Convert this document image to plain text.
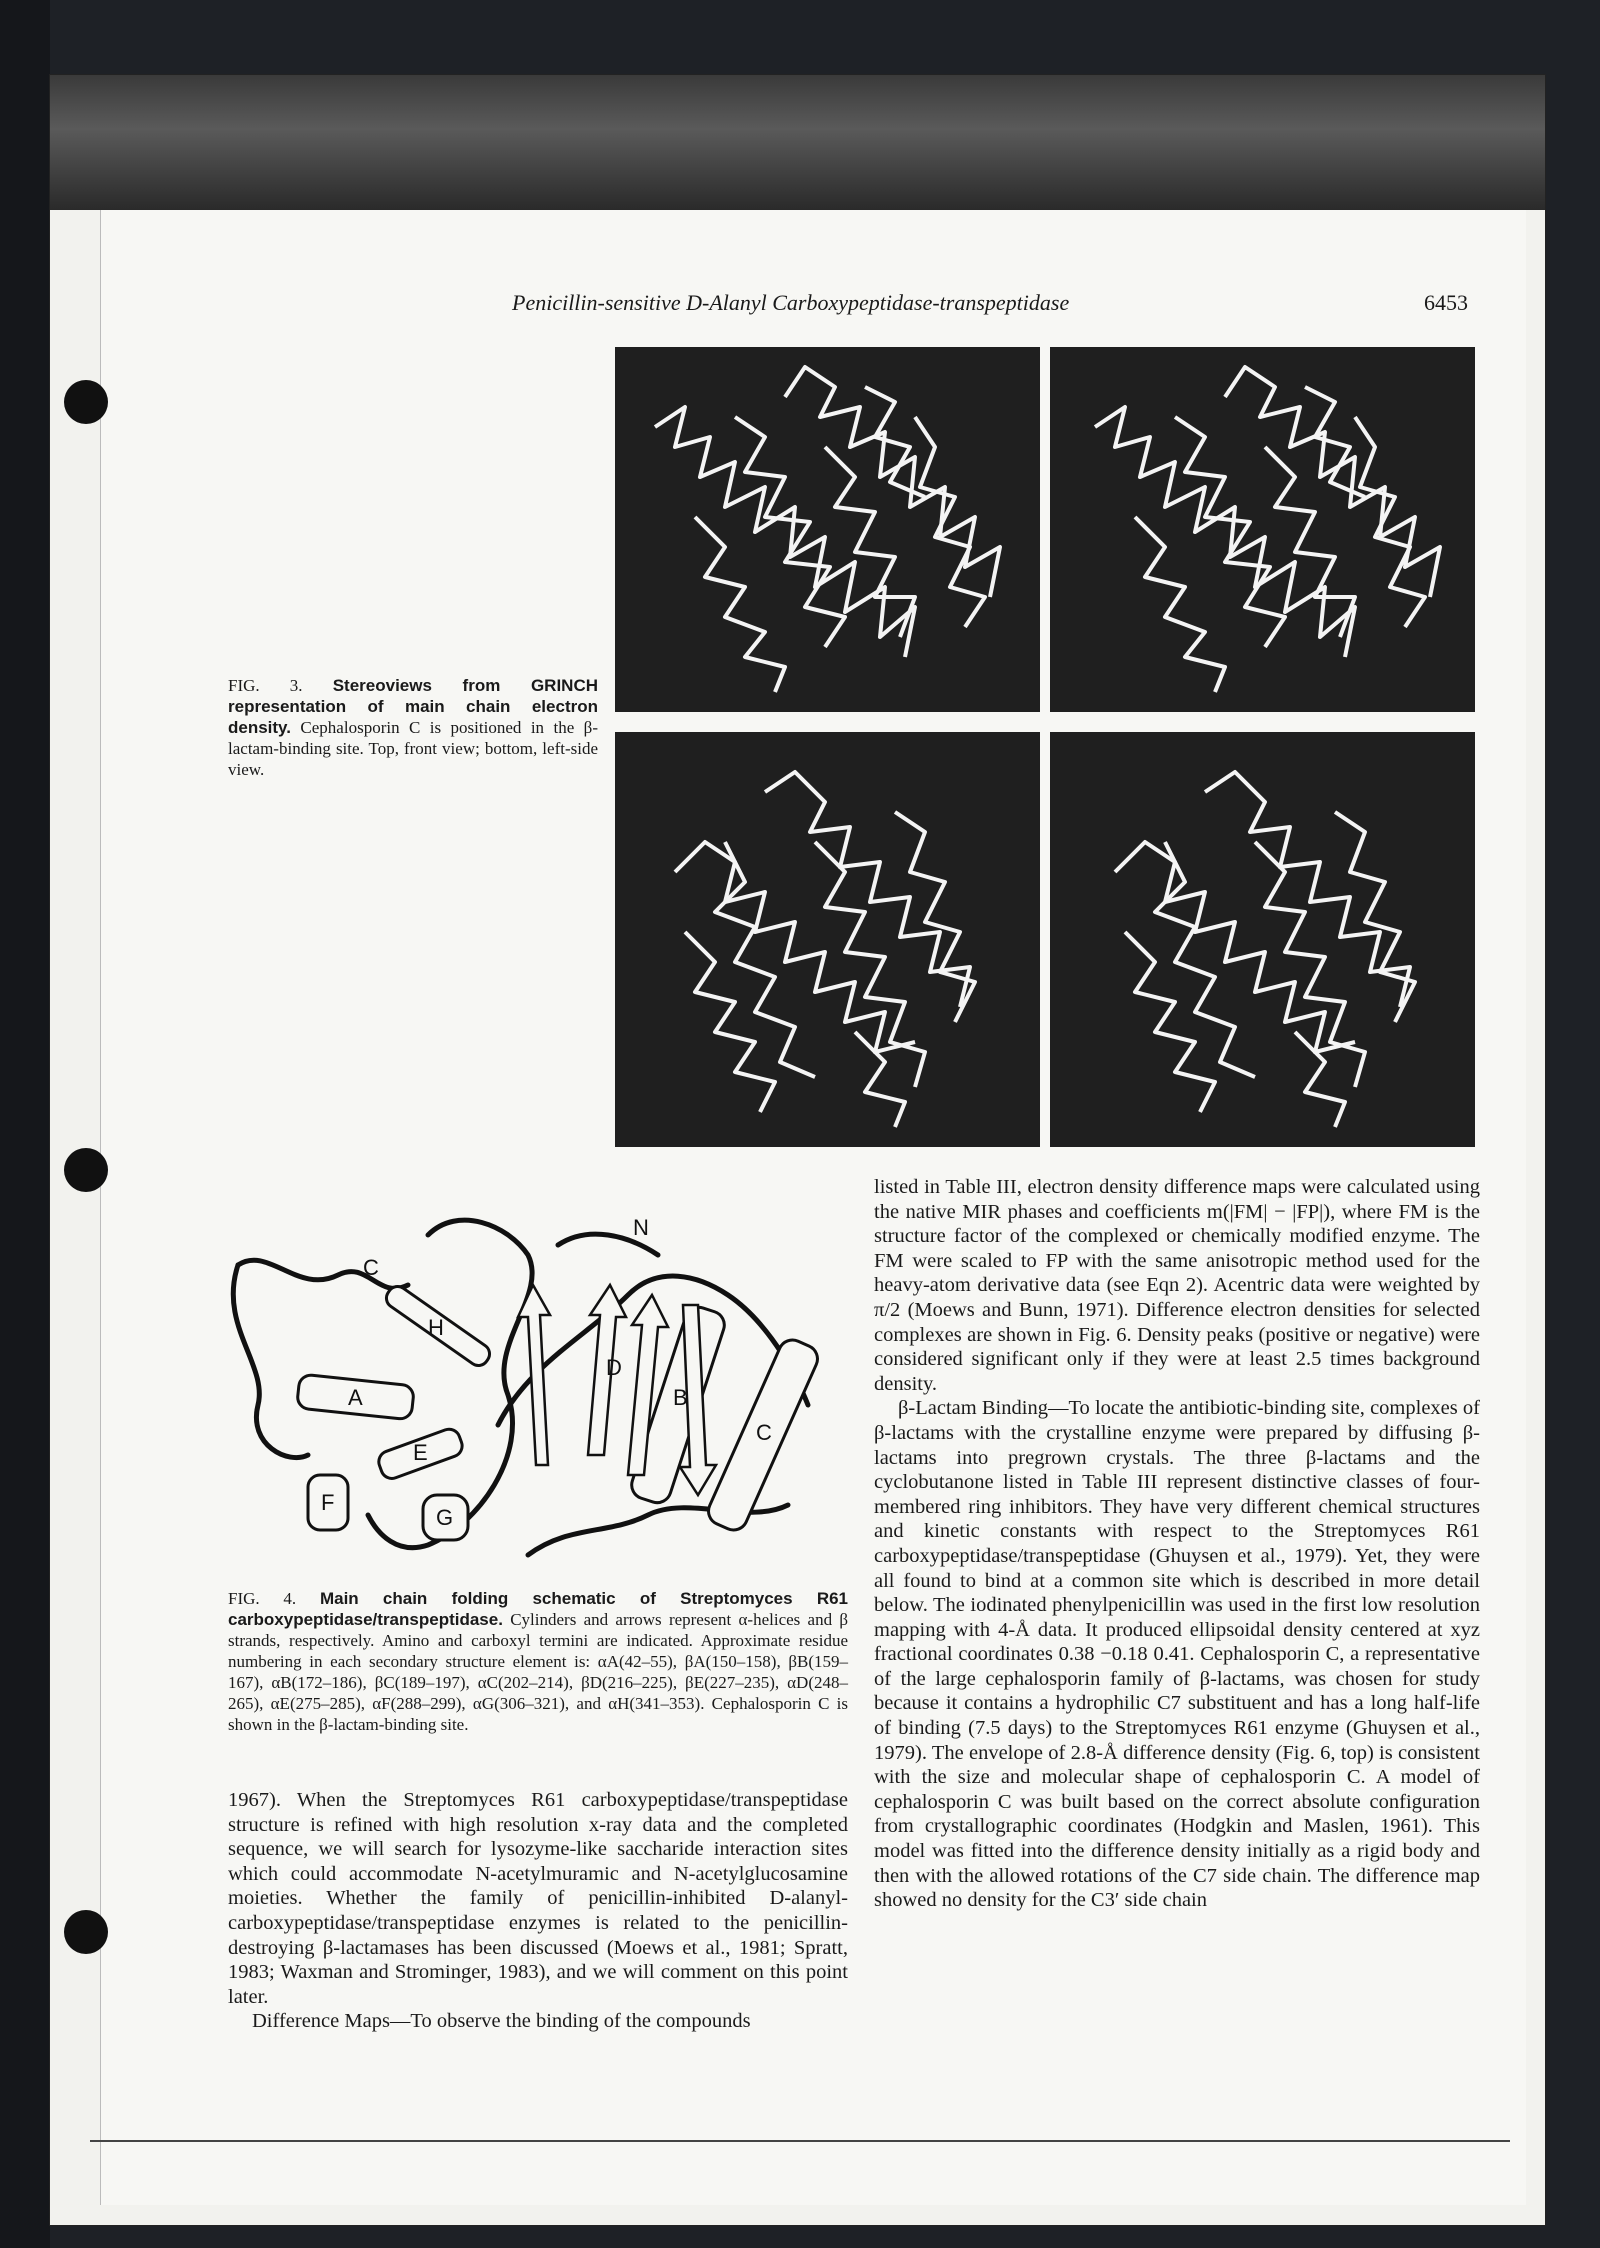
Penicillin-sensitive D-Alanyl Carboxypeptidase-transpeptidase	6453
FIG. 3. Stereoviews from GRINCH representation of main chain electron density. Cephalosporin C is positioned in the β-lactam-binding site. Top, front view; bottom, left-side view.
N
C
H
A
D
B
C
E
F
G
FIG. 4. Main chain folding schematic of Streptomyces R61 carboxypeptidase/transpeptidase. Cylinders and arrows represent α-helices and β strands, respectively. Amino and carboxyl termini are indicated. Approximate residue numbering in each secondary structure element is: αA(42–55), βA(150–158), βB(159–167), αB(172–186), βC(189–197), αC(202–214), βD(216–225), βE(227–235), αD(248–265), αE(275–285), αF(288–299), αG(306–321), and αH(341–353). Cephalosporin C is shown in the β-lactam-binding site.

1967). When the Streptomyces R61 carboxypeptidase/transpeptidase structure is refined with high resolution x-ray data and the completed sequence, we will search for lysozyme-like saccharide interaction sites which could accommodate N-acetylmuramic and N-acetylglucosamine moieties. Whether the family of penicillin-inhibited D-alanyl-carboxypeptidase/transpeptidase enzymes is related to the penicillin-destroying β-lactamases has been discussed (Moews et al., 1981; Spratt, 1983; Waxman and Strominger, 1983), and we will comment on this point later.

Difference Maps—To observe the binding of the compounds

listed in Table III, electron density difference maps were calculated using the native MIR phases and coefficients m(|FM| − |FP|), where FM is the structure factor of the complexed or chemically modified enzyme. The FM were scaled to FP with the same anisotropic method used for the heavy-atom derivative data (see Eqn 2). Acentric data were weighted by π/2 (Moews and Bunn, 1971). Difference electron densities for selected complexes are shown in Fig. 6. Density peaks (positive or negative) were considered significant only if they were at least 2.5 times background density.

β-Lactam Binding—To locate the antibiotic-binding site, complexes of β-lactams with the crystalline enzyme were prepared by diffusing β-lactams into pregrown crystals. The three β-lactams and the cyclobutanone listed in Table III represent distinctive classes of four-membered ring inhibitors. They have very different chemical structures and kinetic constants with respect to the Streptomyces R61 carboxypeptidase/transpeptidase (Ghuysen et al., 1979). Yet, they were all found to bind at a common site which is described in more detail below. The iodinated phenylpenicillin was used in the first low resolution mapping with 4-Å data. It produced ellipsoidal density centered at xyz fractional coordinates 0.38 −0.18 0.41. Cephalosporin C, a representative of the large cephalosporin family of β-lactams, was chosen for study because it contains a hydrophilic C7 substituent and has a long half-life of binding (7.5 days) to the Streptomyces R61 enzyme (Ghuysen et al., 1979). The envelope of 2.8-Å difference density (Fig. 6, top) is consistent with the size and molecular shape of cephalosporin C. A model of cephalosporin C was built based on the correct absolute configuration from crystallographic coordinates (Hodgkin and Maslen, 1961). This model was fitted into the difference density initially as a rigid body and then with the allowed rotations of the C7 side chain. The difference map showed no density for the C3′ side chain
